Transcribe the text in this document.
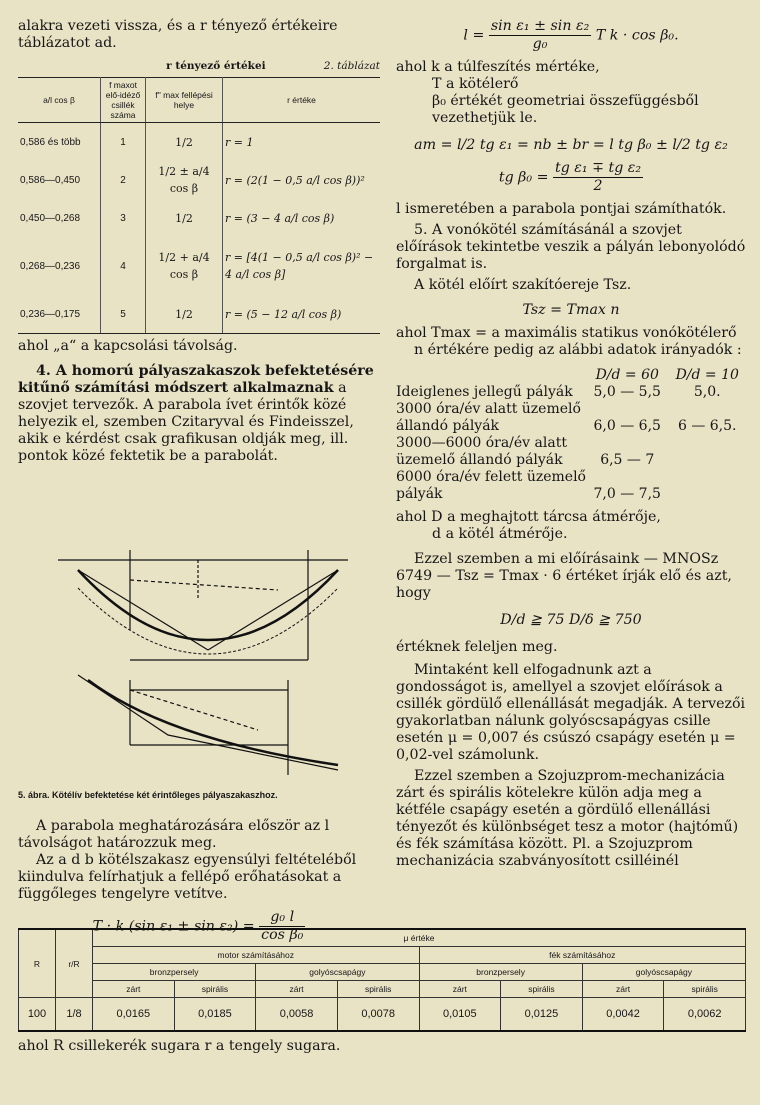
alakra vezeti vissza, és a r tényező értékeire táblázatot ad.

r tényező értékei	2. táblázat
a/l cos β	f maxot elő-idéző csillék száma	f'' max fellépési helye	r értéke
0,586 és több	1	1/2	r = 1
0,586—0,450	2	1/2 ± a/4 cos β	r = (2(1 − 0,5 a/l cos β))²
0,450—0,268	3	1/2	r = (3 − 4 a/l cos β)
0,268—0,236	4	1/2 + a/4 cos β	r = [4(1 − 0,5 a/l cos β)² − 4 a/l cos β]
0,236—0,175	5	1/2	r = (5 − 12 a/l cos β)

ahol „a“ a kapcsolási távolság.

4. A homorú pályaszakaszok befektetésére kitűnő számítási módszert alkalmaznak a szovjet tervezők. A parabola ívet érintők közé helyezik el, szemben Czitaryval és Findeisszel, akik e kérdést csak grafikusan oldják meg, ill. pontok közé fektetik be a parabolát.

5. ábra. Kötélív befektetése két érintőleges pályaszakaszhoz.

A parabola meghatározására először az l távolságot határozzuk meg.

Az a d b kötélszakasz egyensúlyi feltételéből kiindulva felírhatjuk a fellépő erőhatásokat a függőleges tengelyre vetítve.

T · k (sin $\varepsilon_1 \pm \sin \varepsilon_2) = \frac{\text{g₀ l}}{\text{cos β₀}}$
$l = \frac{\text{sin ε₁ ± sin ε₂}}{\text{g₀}}$ T k · cos β₀.

ahol k a túlfeszítés mértéke,

T a kötélerő

β₀ értékét geometriai összefüggésből vezethetjük le.

am = l/2 tg ε₁ = nb ± br = l tg β₀ ± l/2 tg ε₂
tg $\beta_0 = \frac{\text{tg ε₁ ∓ tg ε₂}}{2}$

l ismeretében a parabola pontjai számíthatók.

5. A vonókötél számításánál a szovjet előírások tekintetbe veszik a pályán lebonyolódó forgalmat is.

A kötél előírt szakítóereje Tsz.

Tsz = Tmax n

ahol Tmax = a maximális statikus vonókötélerő

n értékére pedig az alábbi adatok irányadók :

	D/d = 60	D/d = 10
Ideiglenes jellegű pályák	5,0 — 5,5	5,0.
3000 óra/év alatt üzemelő állandó pályák	6,0 — 6,5	6 — 6,5.
3000—6000 óra/év alatt üzemelő állandó pályák	6,5 — 7	
6000 óra/év felett üzemelő pályák	7,0 — 7,5	

ahol D a meghajtott tárcsa átmérője,

d a kötél átmérője.

Ezzel szemben a mi előírásaink — MNOSz 6749 — Tsz = Tmax · 6 értéket írják elő és azt, hogy

D/d ≧ 75 D/δ ≧ 750

értéknek feleljen meg.

Mintaként kell elfogadnunk azt a gondosságot is, amellyel a szovjet előírások a csillék gördülő ellenállását megadják. A tervezői gyakorlatban nálunk golyóscsapágyas csille esetén μ = 0,007 és csúszó csapágy esetén μ = 0,02-vel számolunk.

Ezzel szemben a Szojuzprom-mechanizácia zárt és spirális kötelekre külön adja meg a kétféle csapágy esetén a gördülő ellenállási tényezőt és különbséget tesz a motor (hajtómű) és fék számítása között. Pl. a Szojuzprom mechanizácia szabványosított csilléinél

R	r/R	μ értéke							
		motor számításához				fék számításához			
		bronzpersely		golyóscsapágy		bronzpersely		golyóscsapágy	
		zárt	spirális	zárt	spirális	zárt	spirális	zárt	spirális
100	1/8	0,0165	0,0185	0,0058	0,0078	0,0105	0,0125	0,0042	0,0062

ahol R csillekerék sugara r a tengely sugara.
